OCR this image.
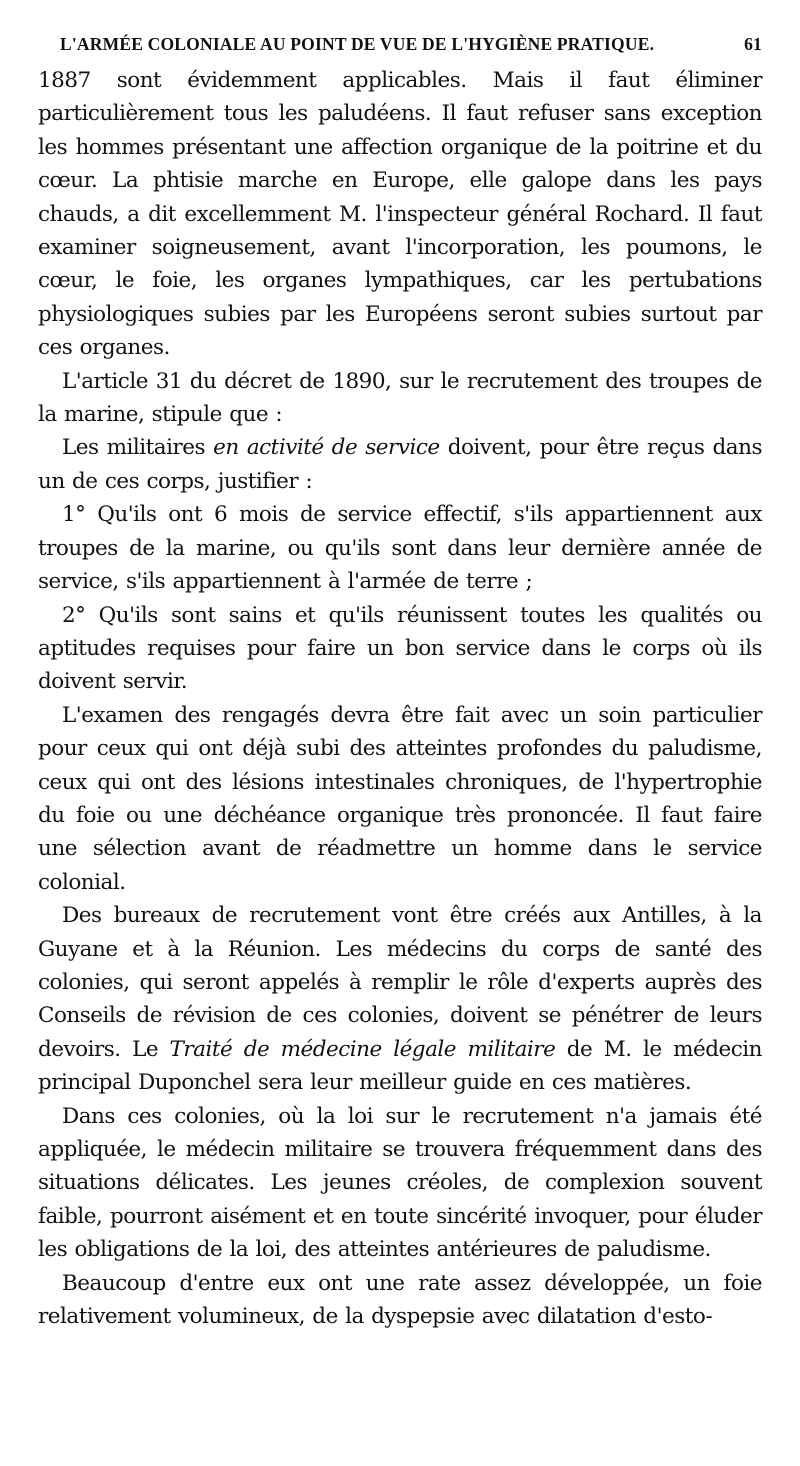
L'ARMÉE COLONIALE AU POINT DE VUE DE L'HYGIÈNE PRATIQUE.	61

1887 sont évidemment applicables. Mais il faut éliminer particulièrement tous les paludéens. Il faut refuser sans exception les hommes présentant une affection organique de la poitrine et du cœur. La phtisie marche en Europe, elle galope dans les pays chauds, a dit excellemment M. l'inspecteur général Rochard. Il faut examiner soigneusement, avant l'incorporation, les poumons, le cœur, le foie, les organes lympathiques, car les pertubations physiologiques subies par les Européens seront subies surtout par ces organes.

L'article 31 du décret de 1890, sur le recrutement des troupes de la marine, stipule que :

Les militaires en activité de service doivent, pour être reçus dans un de ces corps, justifier :

1° Qu'ils ont 6 mois de service effectif, s'ils appartiennent aux troupes de la marine, ou qu'ils sont dans leur dernière année de service, s'ils appartiennent à l'armée de terre ;

2° Qu'ils sont sains et qu'ils réunissent toutes les qualités ou aptitudes requises pour faire un bon service dans le corps où ils doivent servir.

L'examen des rengagés devra être fait avec un soin particulier pour ceux qui ont déjà subi des atteintes profondes du paludisme, ceux qui ont des lésions intestinales chroniques, de l'hypertrophie du foie ou une déchéance organique très prononcée. Il faut faire une sélection avant de réadmettre un homme dans le service colonial.

Des bureaux de recrutement vont être créés aux Antilles, à la Guyane et à la Réunion. Les médecins du corps de santé des colonies, qui seront appelés à remplir le rôle d'experts auprès des Conseils de révision de ces colonies, doivent se pénétrer de leurs devoirs. Le Traité de médecine légale militaire de M. le médecin principal Duponchel sera leur meilleur guide en ces matières.

Dans ces colonies, où la loi sur le recrutement n'a jamais été appliquée, le médecin militaire se trouvera fréquemment dans des situations délicates. Les jeunes créoles, de complexion souvent faible, pourront aisément et en toute sincérité invoquer, pour éluder les obligations de la loi, des atteintes antérieures de paludisme.

Beaucoup d'entre eux ont une rate assez développée, un foie relativement volumineux, de la dyspepsie avec dilatation d'esto-
